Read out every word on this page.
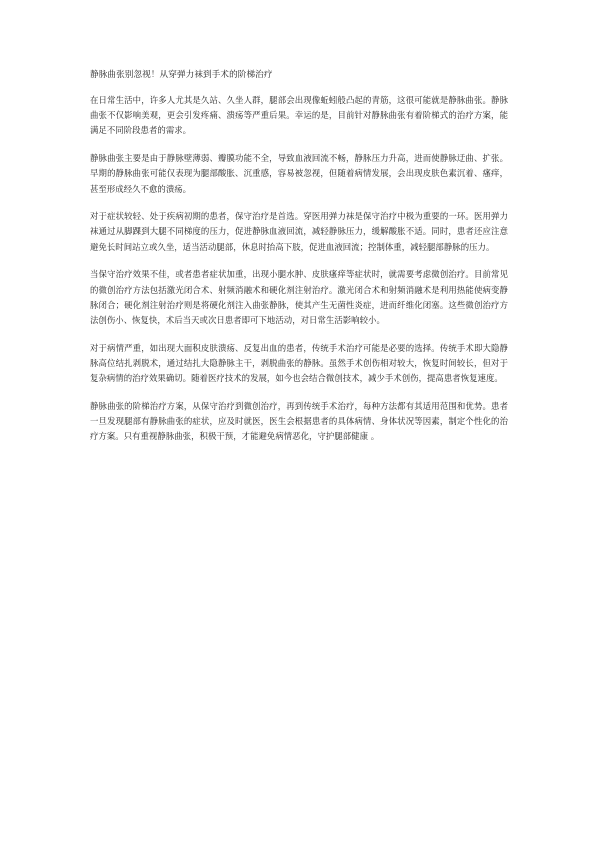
静脉曲张别忽视！从穿弹力袜到手术的阶梯治疗

在日常生活中，许多人尤其是久站、久坐人群，腿部会出现像蚯蚓般凸起的青筋，这很可能就是静脉曲张。静脉曲张不仅影响美观，更会引发疼痛、溃疡等严重后果。幸运的是，目前针对静脉曲张有着阶梯式的治疗方案，能满足不同阶段患者的需求。

静脉曲张主要是由于静脉壁薄弱、瓣膜功能不全，导致血液回流不畅，静脉压力升高，进而使静脉迂曲、扩张。早期的静脉曲张可能仅表现为腿部酸胀、沉重感，容易被忽视，但随着病情发展，会出现皮肤色素沉着、瘙痒，甚至形成经久不愈的溃疡。

对于症状较轻、处于疾病初期的患者，保守治疗是首选。穿医用弹力袜是保守治疗中极为重要的一环。医用弹力袜通过从脚踝到大腿不同梯度的压力，促进静脉血液回流，减轻静脉压力，缓解酸胀不适。同时，患者还应注意避免长时间站立或久坐，适当活动腿部，休息时抬高下肢，促进血液回流；控制体重，减轻腿部静脉的压力。

当保守治疗效果不佳，或者患者症状加重，出现小腿水肿、皮肤瘙痒等症状时，就需要考虑微创治疗。目前常见的微创治疗方法包括激光闭合术、射频消融术和硬化剂注射治疗。激光闭合术和射频消融术是利用热能使病变静脉闭合；硬化剂注射治疗则是将硬化剂注入曲张静脉，使其产生无菌性炎症，进而纤维化闭塞。这些微创治疗方法创伤小、恢复快，术后当天或次日患者即可下地活动，对日常生活影响较小。

对于病情严重，如出现大面积皮肤溃疡、反复出血的患者，传统手术治疗可能是必要的选择。传统手术即大隐静脉高位结扎剥脱术，通过结扎大隐静脉主干，剥脱曲张的静脉。虽然手术创伤相对较大，恢复时间较长，但对于复杂病情的治疗效果确切。随着医疗技术的发展，如今也会结合微创技术，减少手术创伤，提高患者恢复速度。

静脉曲张的阶梯治疗方案，从保守治疗到微创治疗，再到传统手术治疗，每种方法都有其适用范围和优势。患者一旦发现腿部有静脉曲张的症状，应及时就医，医生会根据患者的具体病情、身体状况等因素，制定个性化的治疗方案。只有重视静脉曲张，积极干预，才能避免病情恶化，守护腿部健康 。
